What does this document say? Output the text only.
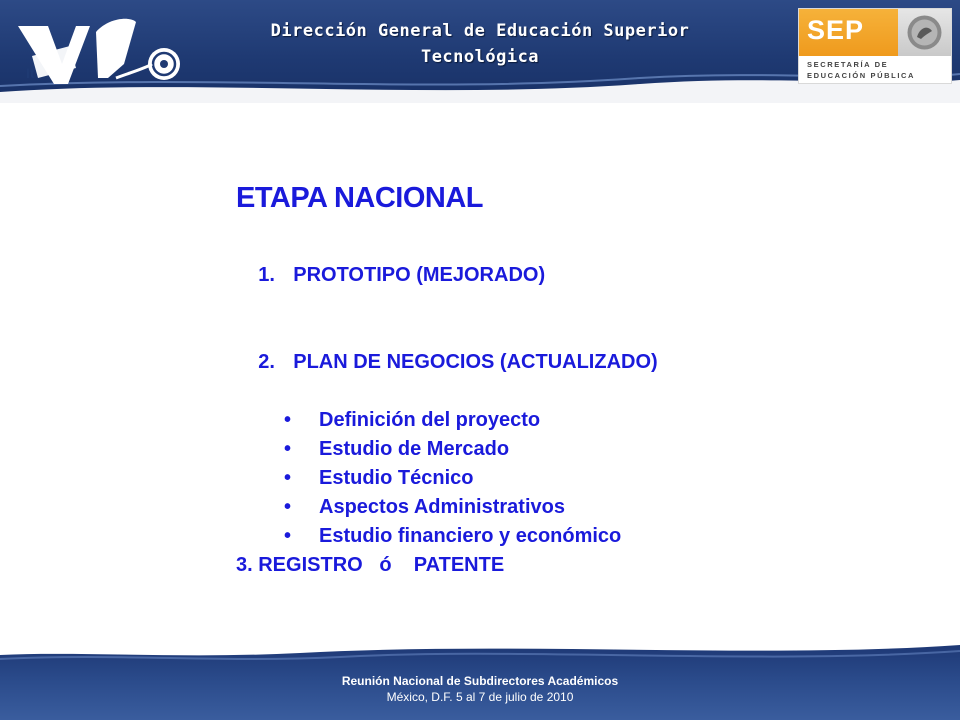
It
Dirección General de Educación Superior
Tecnológica
SEP
SECRETARÍA DE
EDUCACIÓN PÚBLICA
ETAPA NACIONAL

1. PROTOTIPO (MEJORADO)

2. PLAN DE NEGOCIOS (ACTUALIZADO)

• Definición del proyecto
• Estudio de Mercado
• Estudio Técnico
• Aspectos Administrativos
• Estudio financiero y económico
3. REGISTRO   ó    PATENTE
Reunión Nacional de Subdirectores Académicos
México, D.F. 5 al 7 de julio de 2010
